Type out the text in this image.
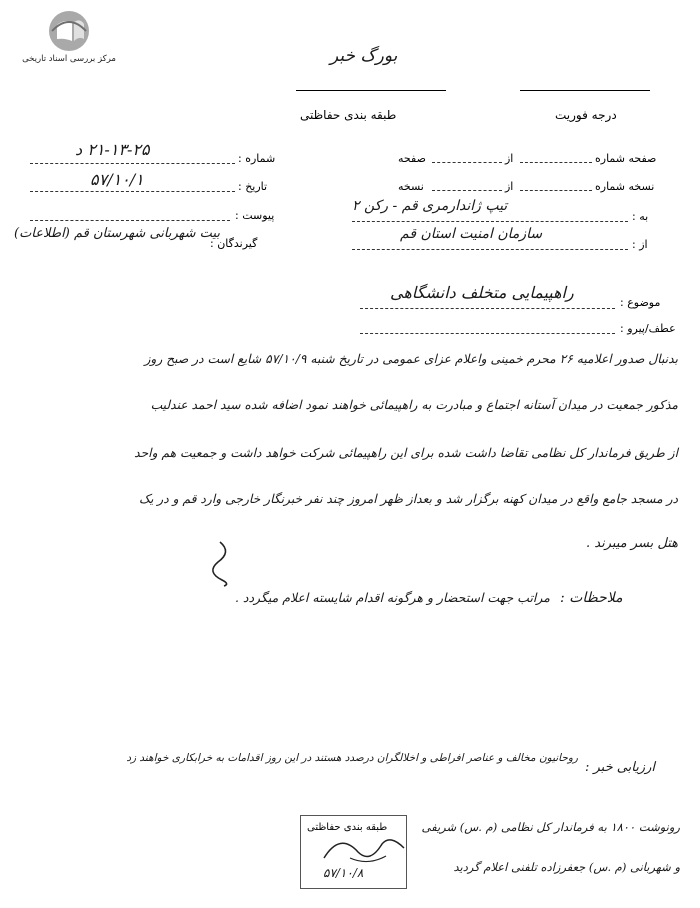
مرکز بررسی اسناد تاریخی	بورگ خبر
طبقه بندی حفاظتی	درجه فوریت
شماره :
۲۱-۱۳-۲۵ د
تاریخ :
۵۷/۱۰/۱
پیوست :
گیرندگان :
بیت شهربانی شهرستان قم (اطلاعات)
صفحه شماره
از
صفحه
نسخه شماره
از
نسخه
به :
تیپ ژاندارمری قم - رکن ۲
از :
سازمان امنیت استان قم
موضوع :
راهپیمایی متخلف دانشگاهی
عطف/پیرو :
بدنبال صدور اعلامیه ۲۶ محرم خمینی واعلام عزای عمومی در تاریخ شنبه ۵۷/۱۰/۹ شایع است در صبح روز
مذکور جمعیت در میدان آستانه اجتماع و مبادرت به راهپیمائی خواهند نمود اضافه شده سید احمد عندلیب
از طریق فرماندار کل نظامی تقاضا داشت شده برای این راهپیمائی شرکت خواهد داشت و جمعیت هم واحد
در مسجد جامع واقع در میدان کهنه برگزار شد و بعداز ظهر امروز چند نفر خبرنگار خارجی وارد قم و در یک
هتل بسر میبرند .
ملاحظات :
مراتب جهت استحضار و هرگونه اقدام شایسته اعلام میگردد .
ارزیابی خبر :
روحانیون مخالف و عناصر افراطی و اخلالگران درصدد هستند در این روز اقدامات به خرابکاری خواهند زد
رونوشت ۱۸۰۰ به فرماندار کل نظامی (م .س) شریفی
و شهربانی (م .س) جعفرزاده تلفنی اعلام گردید
طبقه بندی حفاظتی
۵۷/۱۰/۸
